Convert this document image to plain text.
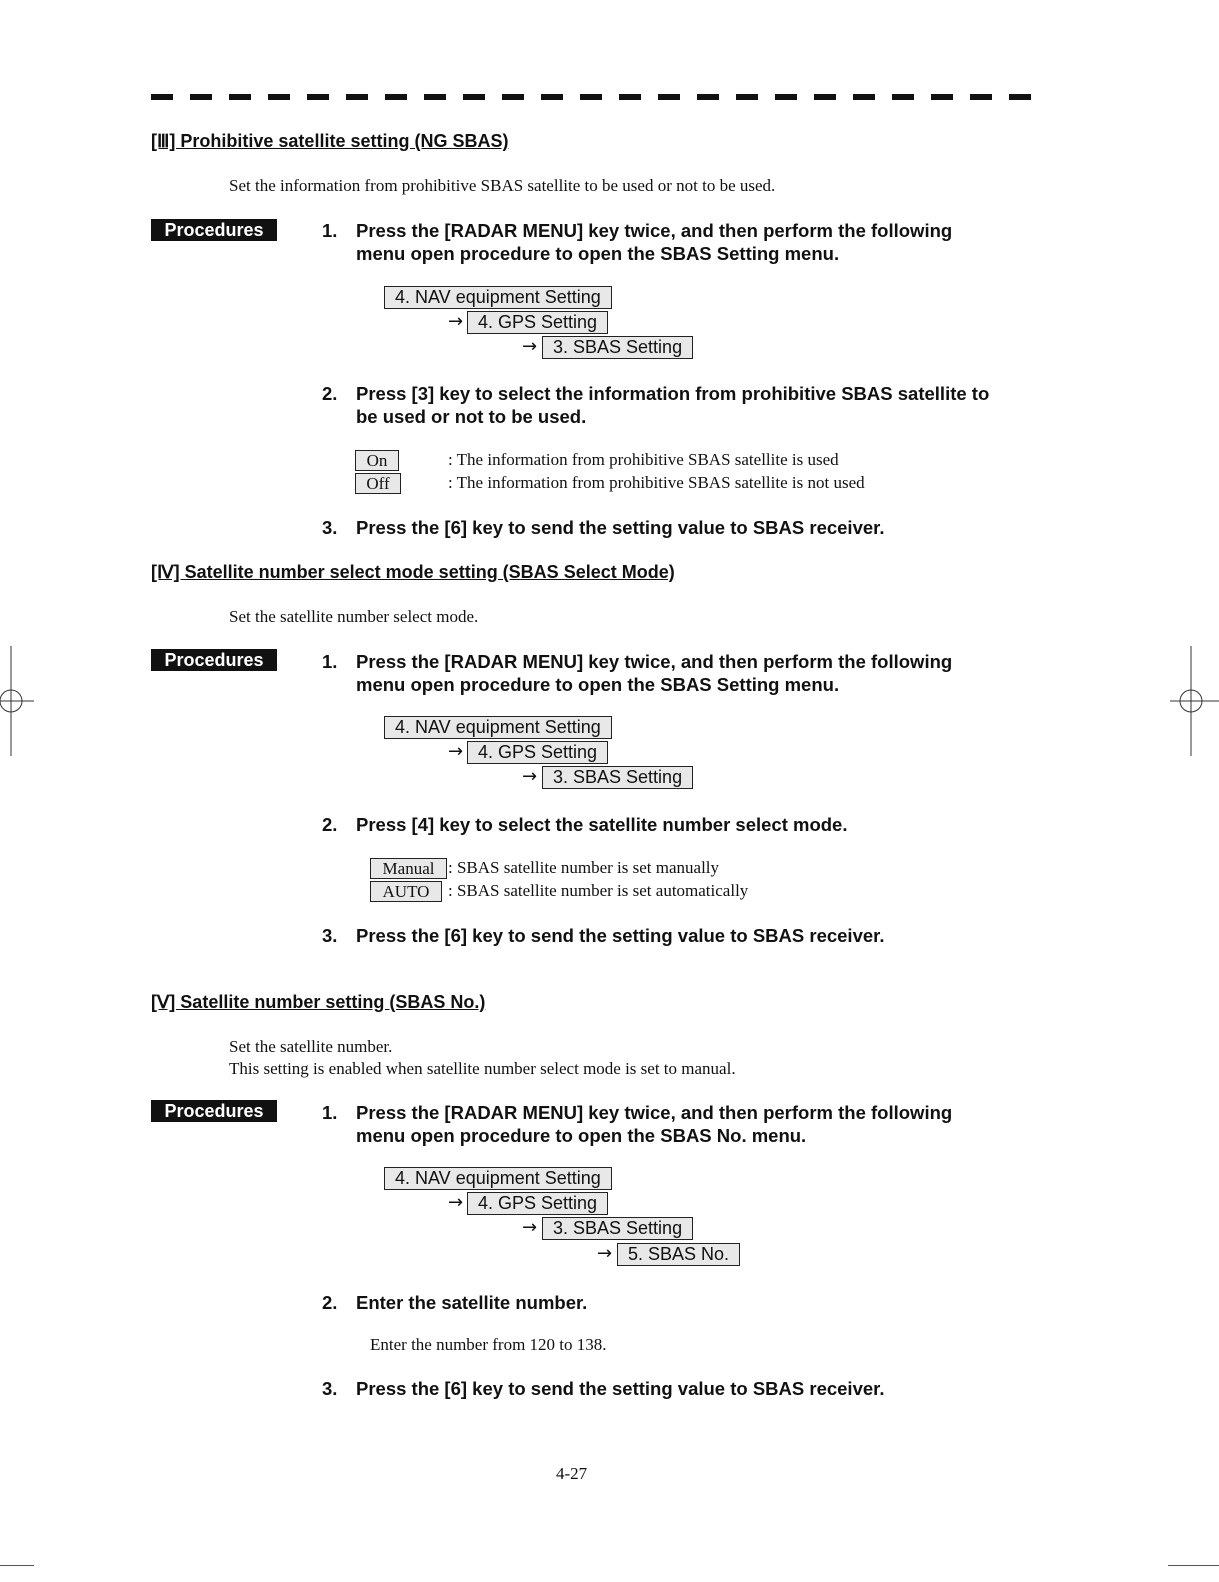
[Ⅲ] Prohibitive satellite setting (NG SBAS)
Set the information from prohibitive SBAS satellite to be used or not to be used.
Procedures	1. Press the [RADAR MENU] key twice, and then perform the following
menu open procedure to open the SBAS Setting menu.
4. NAV equipment Setting
→ 4. GPS Setting
→ 3. SBAS Setting
2. Press [3] key to select the information from prohibitive SBAS satellite to
be used or not to be used.
On	: The information from prohibitive SBAS satellite is used
Off	: The information from prohibitive SBAS satellite is not used
3. Press the [6] key to send the setting value to SBAS receiver.
[Ⅳ] Satellite number select mode setting (SBAS Select Mode)
Set the satellite number select mode.
Procedures	1. Press the [RADAR MENU] key twice, and then perform the following
menu open procedure to open the SBAS Setting menu.
4. NAV equipment Setting
→ 4. GPS Setting
→ 3. SBAS Setting
2. Press [4] key to select the satellite number select mode.
Manual : SBAS satellite number is set manually
AUTO	: SBAS satellite number is set automatically
3. Press the [6] key to send the setting value to SBAS receiver.
[Ⅴ] Satellite number setting (SBAS No.)
Set the satellite number.
This setting is enabled when satellite number select mode is set to manual.
Procedures	1. Press the [RADAR MENU] key twice, and then perform the following
menu open procedure to open the SBAS No. menu.
4. NAV equipment Setting
→ 4. GPS Setting
→ 3. SBAS Setting
→ 5. SBAS No.
2. Enter the satellite number.
Enter the number from 120 to 138.
3. Press the [6] key to send the setting value to SBAS receiver.
4-27
